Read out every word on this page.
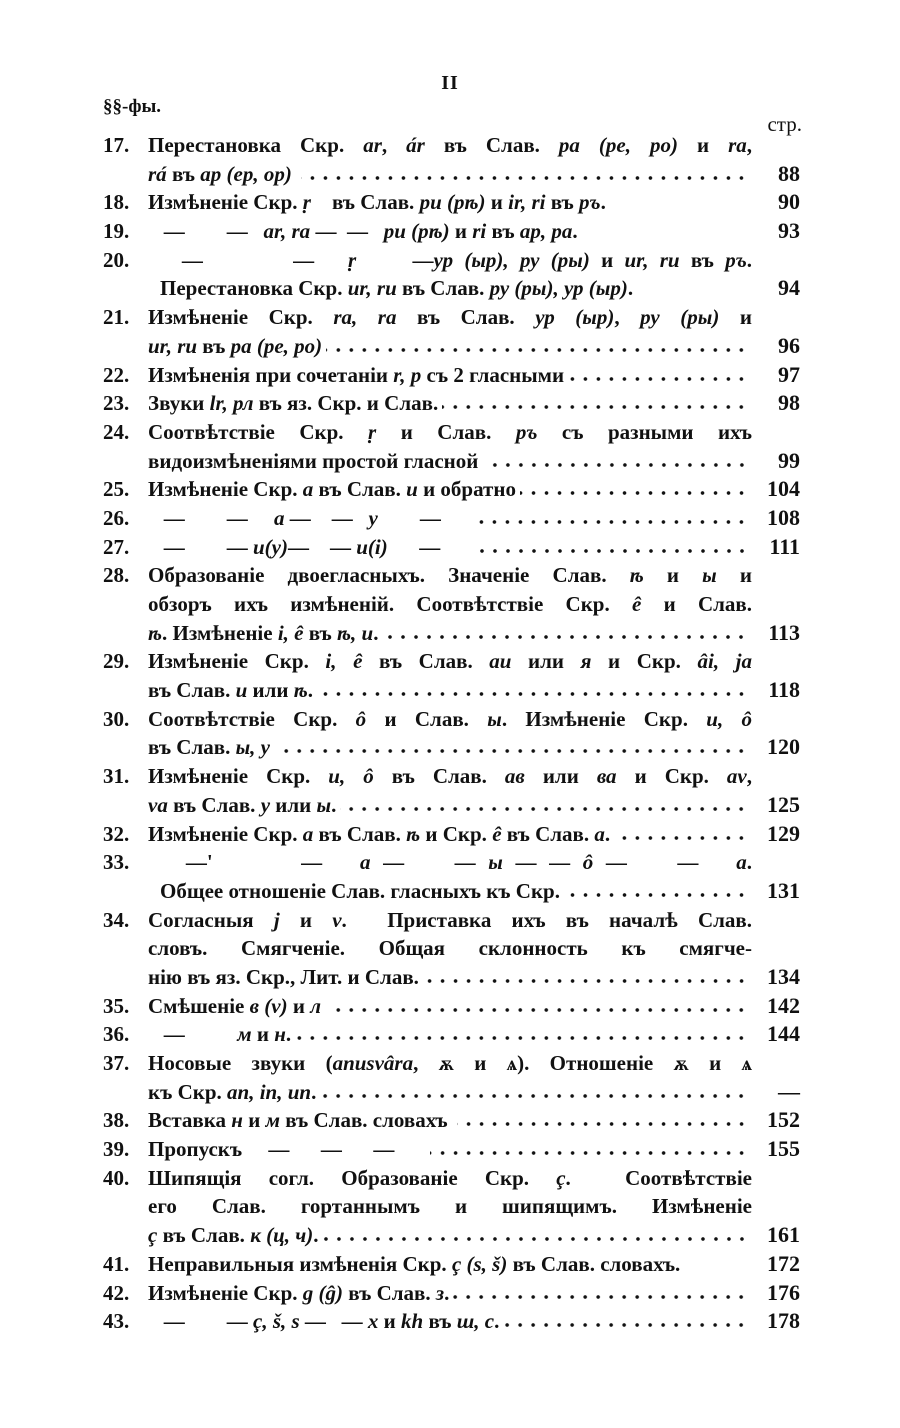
II
§§-фы.
стр.
17. Перестановка Скр. ar, ár въ Слав. ра (ре, ро) и ra,
rá въ ар (ер, ор)	88
18. Измѣненіе Скр. ṛ    въ Слав. ри (рѣ) и ir, ri въ ръ.	90
19. —        —   ar, ra —  —   ри (рѣ) и ri въ ар, ра.	93
20. —        —   ṛ     —ур (ыр), ру (ры) и ur, ru въ ръ.
Перестановка Скр. ur, ru въ Слав. ру (ры), ур (ыр).	94
21. Измѣненіе Скр. ra, ra въ Слав. ур (ыр), ру (ры) и
ur, ru въ ра (ре, ро)	96
22. Измѣненія при сочетаніи r, р съ 2 гласными	97
23. Звуки lr, рл въ яз. Скр. и Слав.	98
24. Соотвѣтствіе Скр. ṛ и Слав. ръ съ разными ихъ
видоизмѣненіями простой гласной	99
25. Измѣненіе Скр. a въ Слав. и и обратно	104
26. —        —     а —    —   у        —	108
27. —        — и(у)—    — и(і)      —	111
28. Образованіе двоегласныхъ. Значеніе Слав. ѣ и ы и
обзоръ ихъ измѣненій. Соотвѣтствіе Скр. ê и Слав.
ѣ. Измѣненіе i, ê въ ѣ, и.	113
29. Измѣненіе Скр. i, ê въ Слав. аи или я и Скр. âi, ja
въ Слав. и или ѣ.	118
30. Соотвѣтствіе Скр. ô и Слав. ы. Измѣненіе Скр. u, ô
въ Слав. ы, у	120
31. Измѣненіе Скр. u, ô въ Слав. ав или ва и Скр. av,
va въ Слав. у или ы.	125
32. Измѣненіе Скр. a въ Слав. ѣ и Скр. ê въ Слав. а.	129
33. —'       —   а —    — ы — — ô —    —   а.
Общее отношеніе Слав. гласныхъ къ Скр.	131
34. Согласныя j и v.  Приставка ихъ въ началѣ Слав.
словъ. Смягченіе. Общая склонность къ смягче-
нію въ яз. Скр., Лит. и Слав.	134
35. Смѣшеніе в (v) и л	142
36. —          м и н.	144
37. Носовые звуки (anusvâra, ѫ и ѧ). Отношеніе ѫ и ѧ
къ Скр. an, in, un.	—
38. Вставка н и м въ Слав. словахъ	152
39. Пропускъ     —      —      —	155
40. Шипящія согл. Образованіе Скр. ç.  Соотвѣтствіе
его Слав. гортаннымъ и шипящимъ. Измѣненіе
ç въ Слав. к (ц, ч).	161
41. Неправильныя измѣненія Скр. ç (s, š) въ Слав. словахъ.	172
42. Измѣненіе Скр. g (ĝ) въ Слав. з.	176
43. —        — ç, š, s —   — x и kh въ ш, с.	178
